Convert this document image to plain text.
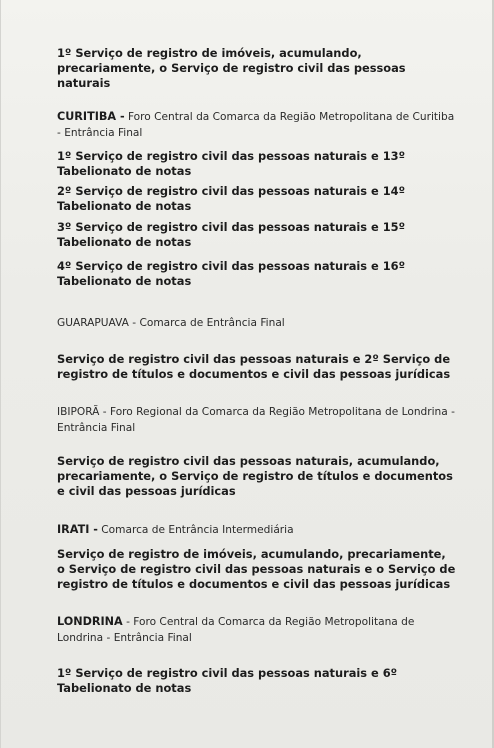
1º Serviço de registro de imóveis, acumulando, precariamente, o Serviço de registro civil das pessoas naturais
CURITIBA - Foro Central da Comarca da Região Metropolitana de Curitiba - Entrância Final
1º Serviço de registro civil das pessoas naturais e 13º Tabelionato de notas
2º Serviço de registro civil das pessoas naturais e 14º Tabelionato de notas
3º Serviço de registro civil das pessoas naturais e 15º Tabelionato de notas
4º Serviço de registro civil das pessoas naturais e 16º Tabelionato de notas
GUARAPUAVA - Comarca de Entrância Final
Serviço de registro civil das pessoas naturais e 2º Serviço de registro de títulos e documentos e civil das pessoas jurídicas
IBIPORÃ - Foro Regional da Comarca da Região Metropolitana de Londrina - Entrância Final
Serviço de registro civil das pessoas naturais, acumulando, precariamente, o Serviço de registro de títulos e documentos e civil das pessoas jurídicas
IRATI - Comarca de Entrância Intermediária
Serviço de registro de imóveis, acumulando, precariamente, o Serviço de registro civil das pessoas naturais e o Serviço de registro de títulos e documentos e civil das pessoas jurídicas
LONDRINA - Foro Central da Comarca da Região Metropolitana de Londrina - Entrância Final
1º Serviço de registro civil das pessoas naturais e 6º Tabelionato de notas
